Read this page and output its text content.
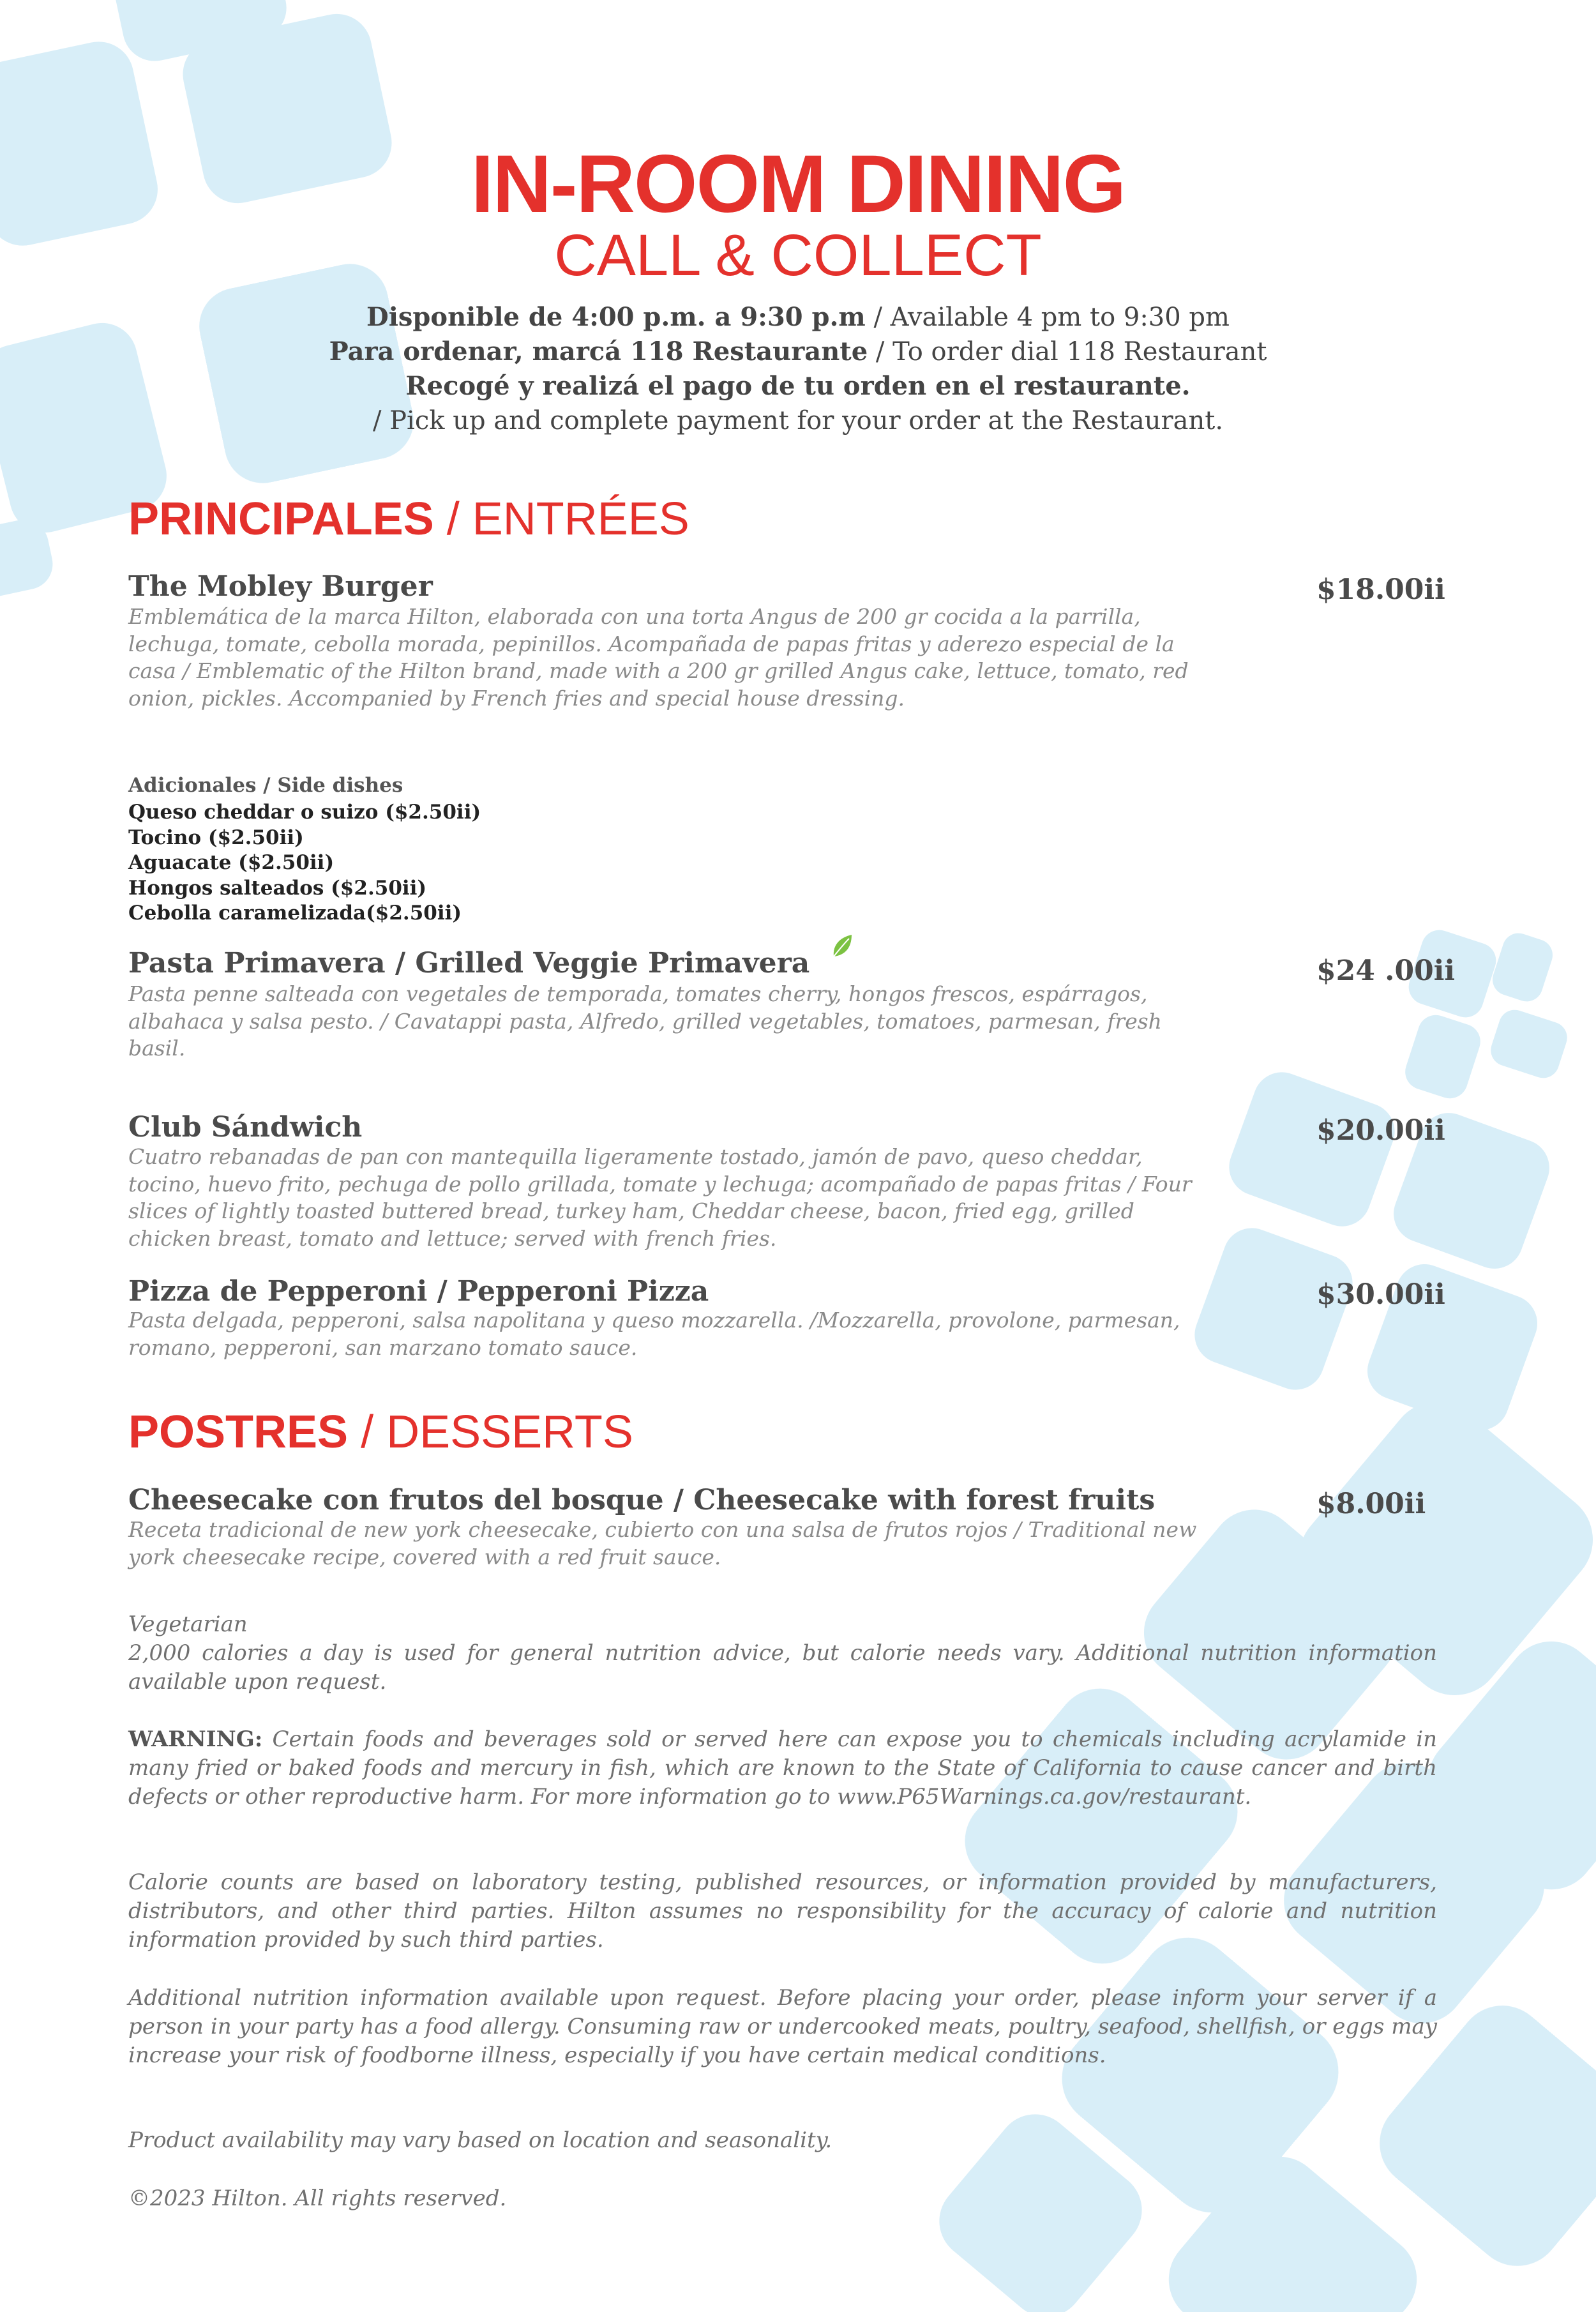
IN-ROOM DINING
CALL & COLLECT
Disponible de 4:00 p.m. a 9:30 p.m / Available 4 pm to 9:30 pm
Para ordenar, marcá 118 Restaurante / To order dial 118 Restaurant
Recogé y realizá el pago de tu orden en el restaurante.
/ Pick up and complete payment for your order at the Restaurant.
PRINCIPALES / ENTRÉES
The Mobley Burger	$18.00ii
Emblemática de la marca Hilton, elaborada con una torta Angus de 200 gr cocida a la parrilla, lechuga, tomate, cebolla morada, pepinillos. Acompañada de papas fritas y aderezo especial de la casa / Emblematic of the Hilton brand, made with a 200 gr grilled Angus cake, lettuce, tomato, red onion, pickles. Accompanied by French fries and special house dressing.
Adicionales / Side dishes
Queso cheddar o suizo ($2.50ii)
Tocino ($2.50ii)
Aguacate ($2.50ii)
Hongos salteados ($2.50ii)
Cebolla caramelizada($2.50ii)
Pasta Primavera / Grilled Veggie Primavera	$24 .00ii
Pasta penne salteada con vegetales de temporada, tomates cherry, hongos frescos, espárragos, albahaca y salsa pesto. / Cavatappi pasta, Alfredo, grilled vegetables, tomatoes, parmesan, fresh basil.
Club Sándwich	$20.00ii
Cuatro rebanadas de pan con mantequilla ligeramente tostado, jamón de pavo, queso cheddar, tocino, huevo frito, pechuga de pollo grillada, tomate y lechuga; acompañado de papas fritas / Four slices of lightly toasted buttered bread, turkey ham, Cheddar cheese, bacon, fried egg, grilled chicken breast, tomato and lettuce; served with french fries.
Pizza de Pepperoni / Pepperoni Pizza	$30.00ii
Pasta delgada, pepperoni, salsa napolitana y queso mozzarella. /Mozzarella, provolone, parmesan, romano, pepperoni, san marzano tomato sauce.
POSTRES / DESSERTS
Cheesecake con frutos del bosque / Cheesecake with forest fruits	$8.00ii
Receta tradicional de new york cheesecake, cubierto con una salsa de frutos rojos / Traditional new york cheesecake recipe, covered with a red fruit sauce.
Vegetarian
2,000 calories a day is used for general nutrition advice, but calorie needs vary. Additional nutrition information available upon request.
WARNING: Certain foods and beverages sold or served here can expose you to chemicals including acrylamide in many fried or baked foods and mercury in fish, which are known to the State of California to cause cancer and birth defects or other reproductive harm. For more information go to www.P65Warnings.ca.gov/restaurant.
Calorie counts are based on laboratory testing, published resources, or information provided by manufacturers, distributors, and other third parties. Hilton assumes no responsibility for the accuracy of calorie and nutrition information provided by such third parties.
Additional nutrition information available upon request. Before placing your order, please inform your server if a person in your party has a food allergy. Consuming raw or undercooked meats, poultry, seafood, shellfish, or eggs may increase your risk of foodborne illness, especially if you have certain medical conditions.
Product availability may vary based on location and seasonality.
©2023 Hilton. All rights reserved.
